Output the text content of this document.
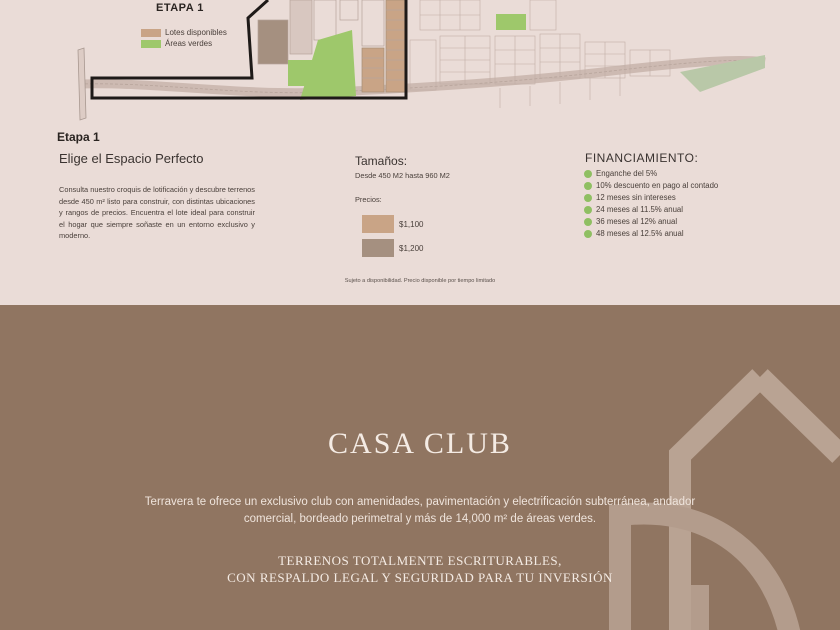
ETAPA 1
Lotes disponibles
Áreas verdes
Etapa 1
Elige el Espacio Perfecto
Consulta nuestro croquis de lotificación y descubre terrenos desde 450 m² listo para construir, con distintas ubicaciones y rangos de precios. Encuentra el lote ideal para construir el hogar que siempre soñaste en un entorno exclusivo y moderno.
Tamaños:
Desde 450 M2 hasta 960 M2
Precios:
$1,100
$1,200
FINANCIAMIENTO:
Enganche del 5%
10% descuento en pago al contado
12 meses sin intereses
24 meses al 11.5% anual
36 meses al 12% anual
48 meses al 12.5% anual
Sujeto a disponibilidad. Precio disponible por tiempo limitado
CASA CLUB
Terravera te ofrece un exclusivo club con amenidades, pavimentación y electrificación subterránea, andador comercial, bordeado perimetral y más de 14,000 m² de áreas verdes.
TERRENOS TOTALMENTE ESCRITURABLES,
CON RESPALDO LEGAL Y SEGURIDAD PARA TU INVERSIÓN
